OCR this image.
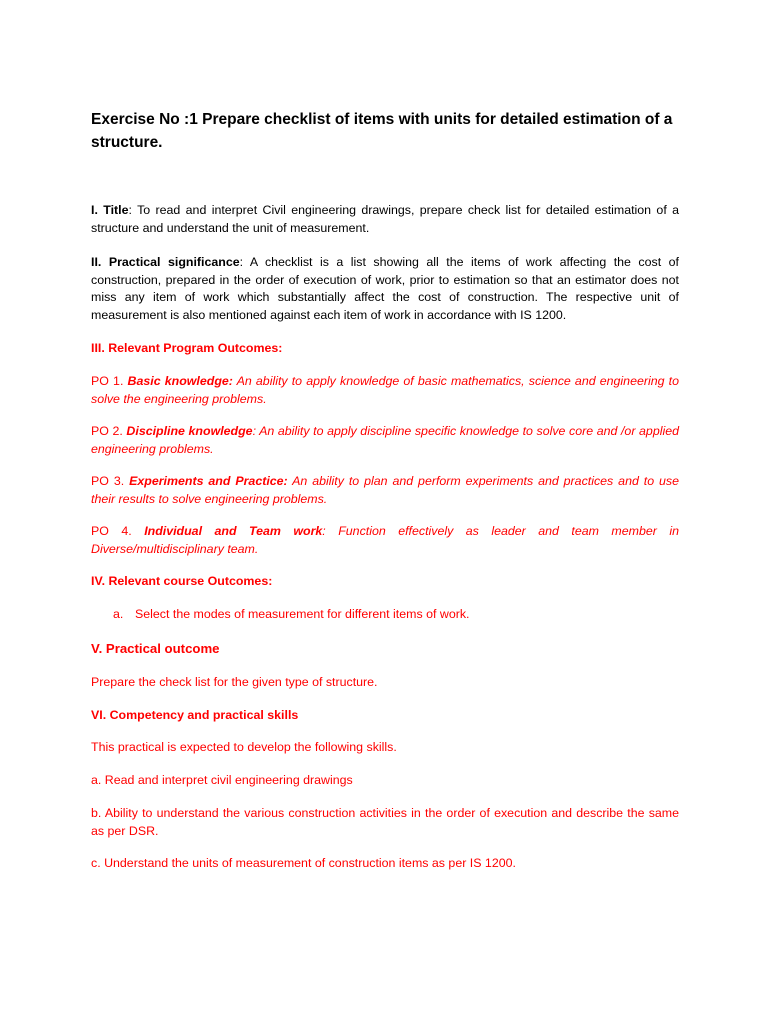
Exercise No :1 Prepare checklist of items with units for detailed estimation of a structure.
I. Title: To read and interpret Civil engineering drawings, prepare check list for detailed estimation of a structure and understand the unit of measurement.
II. Practical significance: A checklist is a list showing all the items of work affecting the cost of construction, prepared in the order of execution of work, prior to estimation so that an estimator does not miss any item of work which substantially affect the cost of construction. The respective unit of measurement is also mentioned against each item of work in accordance with IS 1200.
III. Relevant Program Outcomes:
PO 1. Basic knowledge: An ability to apply knowledge of basic mathematics, science and engineering to solve the engineering problems.
PO 2. Discipline knowledge: An ability to apply discipline specific knowledge to solve core and /or applied engineering problems.
PO 3. Experiments and Practice: An ability to plan and perform experiments and practices and to use their results to solve engineering problems.
PO 4. Individual and Team work: Function effectively as leader and team member in Diverse/multidisciplinary team.
IV. Relevant course Outcomes:
a. Select the modes of measurement for different items of work.
V. Practical outcome
Prepare the check list for the given type of structure.
VI. Competency and practical skills
This practical is expected to develop the following skills.
a. Read and interpret civil engineering drawings
b. Ability to understand the various construction activities in the order of execution and describe the same as per DSR.
c. Understand the units of measurement of construction items as per IS 1200.
